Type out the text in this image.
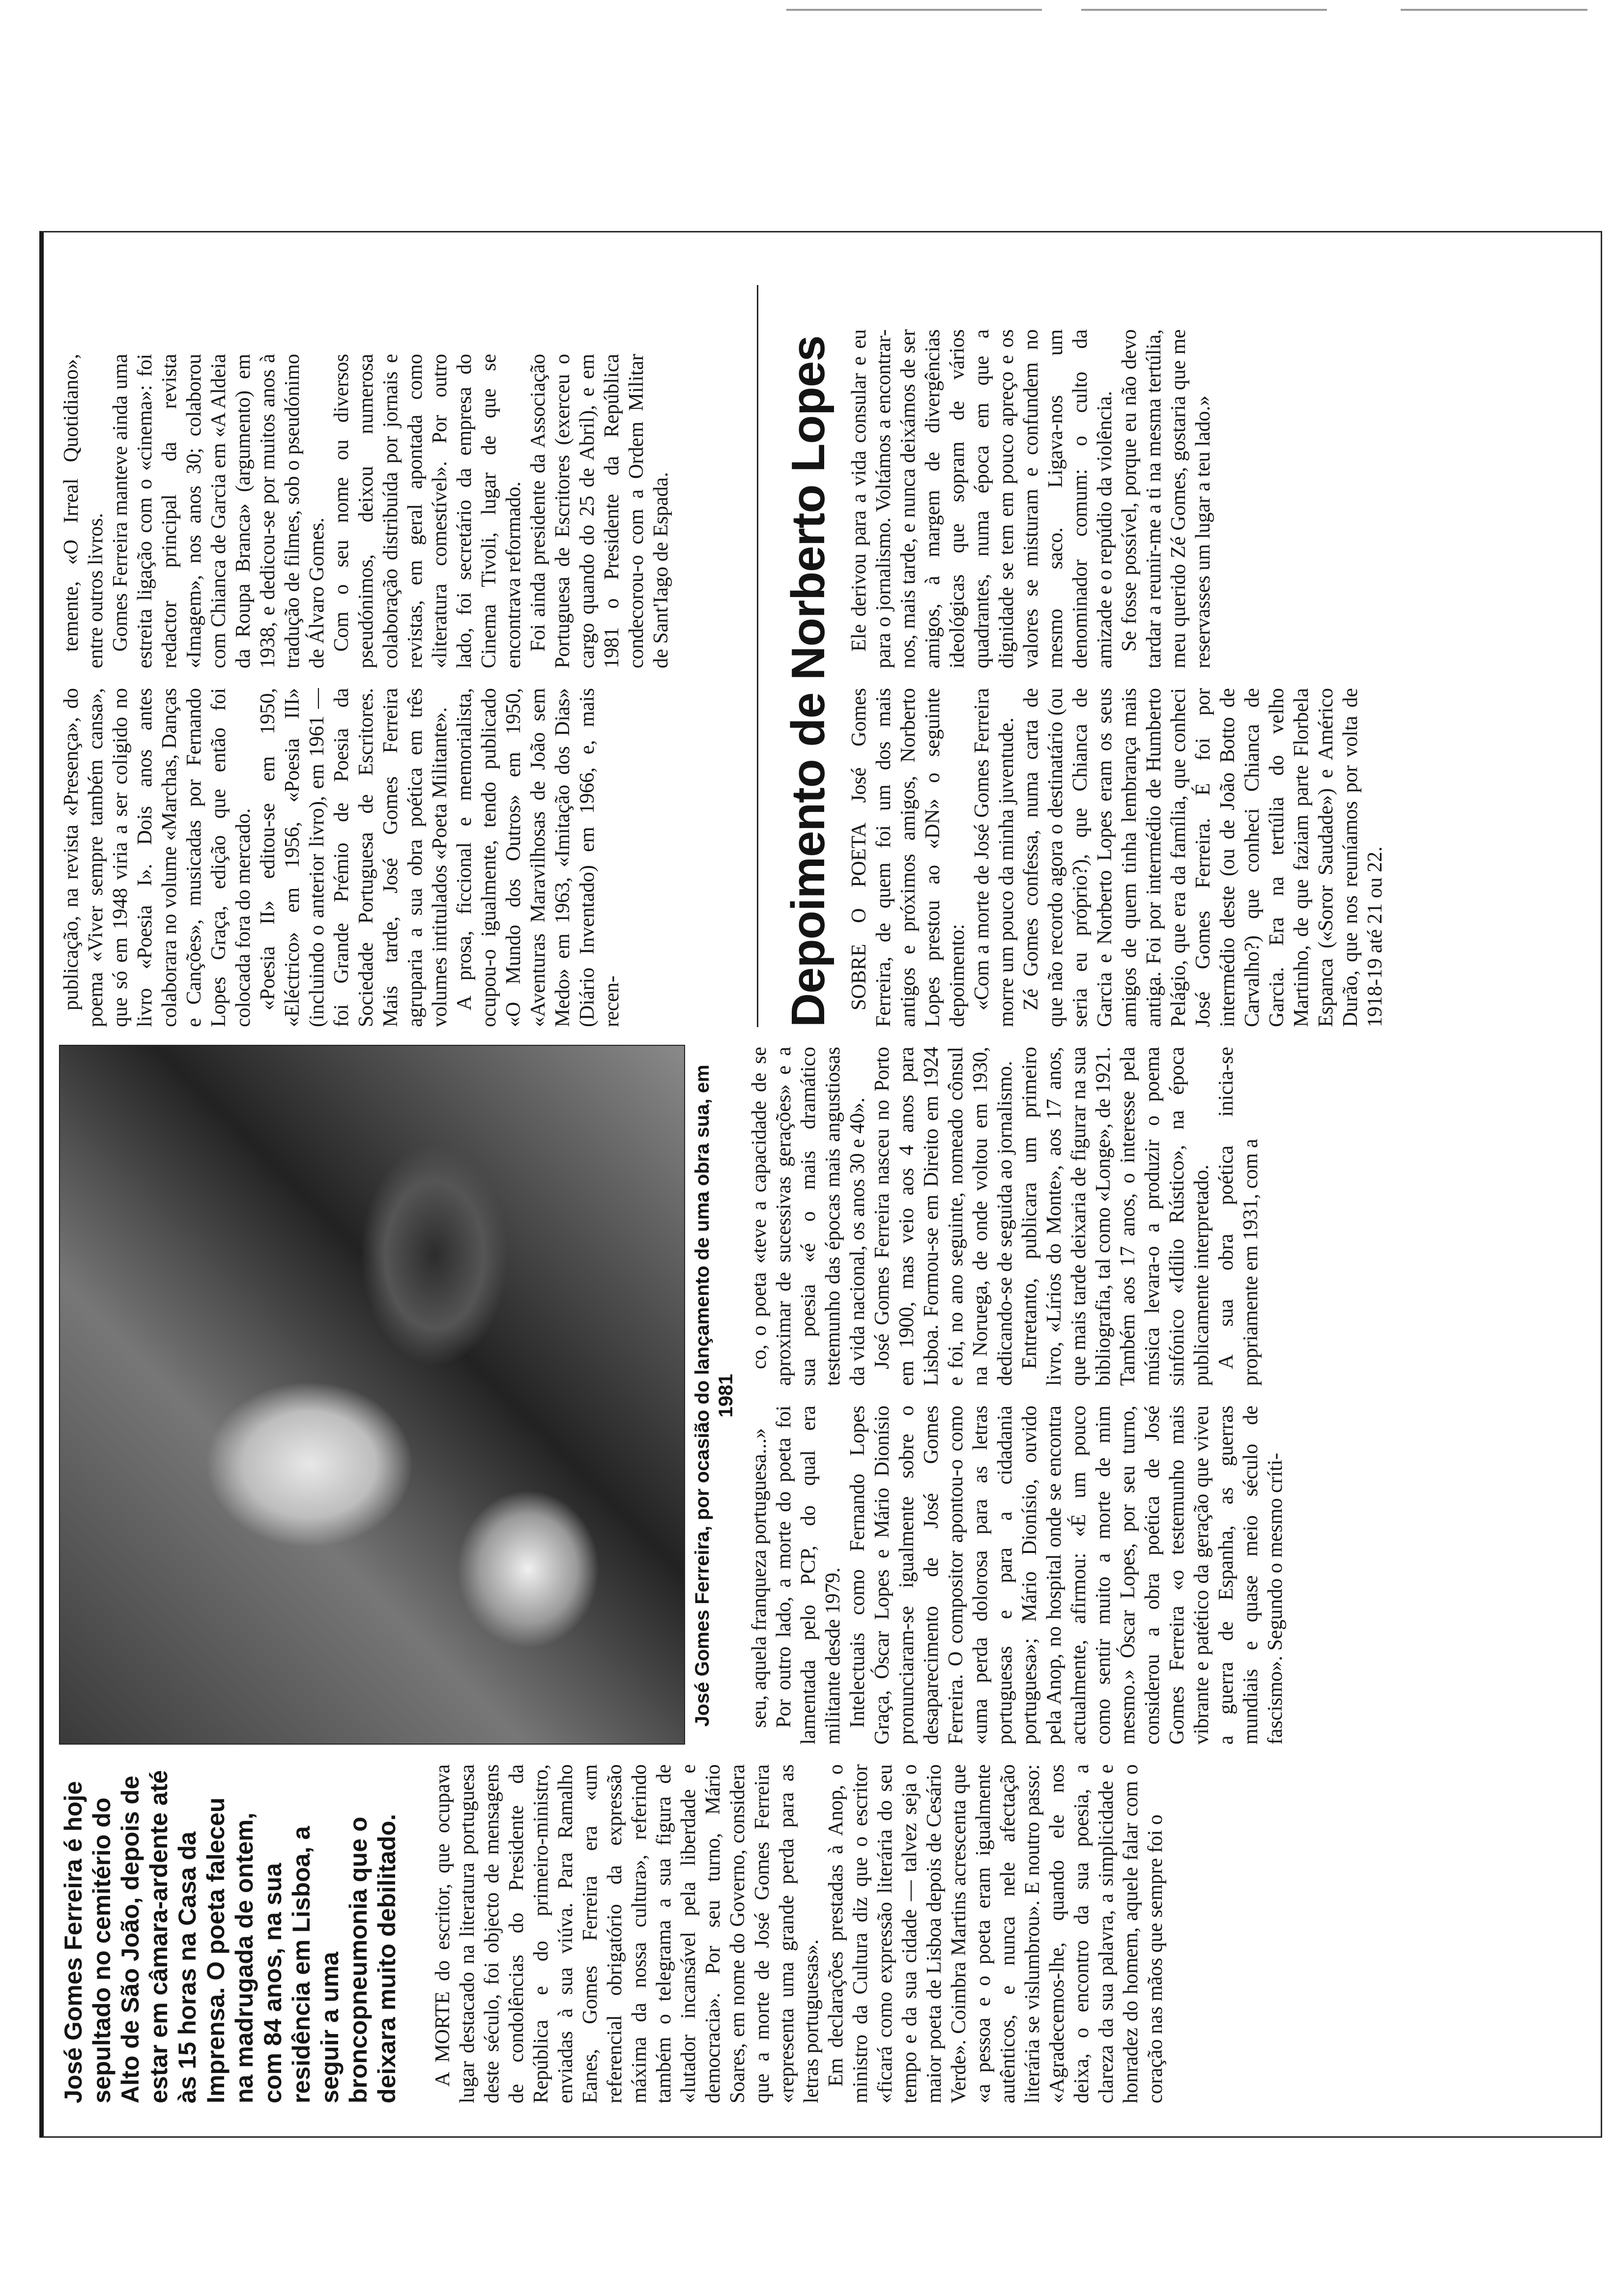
José Gomes Ferreira é hoje sepultado no cemitério do Alto de São João, depois de estar em câmara-ardente até às 15 horas na Casa da Imprensa. O poeta faleceu na madrugada de ontem, com 84 anos, na sua residência em Lisboa, a seguir a uma broncopneumonia que o deixara muito debilitado. A MORTE do escritor, que ocupava lugar destacado na literatura portuguesa deste século, foi objecto de mensagens de condolências do Presidente da República e do primeiro-ministro, enviadas à sua viúva. Para Ramalho Eanes, Gomes Ferreira era «um referencial obrigatório da expressão máxima da nossa cultura», referindo também o telegrama a sua figura de «lutador incansável pela liberdade e democracia». Por seu turno, Mário Soares, em nome do Governo, considera que a morte de José Gomes Ferreira «representa uma grande perda para as letras portuguesas». Em declarações prestadas à Anop, o ministro da Cultura diz que o escritor «ficará como expressão literária do seu tempo e da sua cidade — talvez seja o maior poeta de Lisboa depois de Cesário Verde». Coimbra Martins acrescenta que «a pessoa e o poeta eram igualmente autênticos, e nunca nele afectação literária se vislumbrou». E noutro passo: «Agradecemos-lhe, quando ele nos deixa, o encontro da sua poesia, a clareza da sua palavra, a simplicidade e honradez do homem, aquele falar com o coração nas mãos que sempre foi o

José Gomes Ferreira, por ocasião do lançamento de uma obra sua, em 1981

seu, aquela franqueza portuguesa...» Por outro lado, a morte do poeta foi lamentada pelo PCP, do qual era militante desde 1979. Intelectuais como Fernando Lopes Graça, Óscar Lopes e Mário Dionísio pronunciaram-se igualmente sobre o desaparecimento de José Gomes Ferreira. O compositor apontou-o como «uma perda dolorosa para as letras portuguesas e para a cidadania portuguesa»; Mário Dionísio, ouvido pela Anop, no hospital onde se encontra actualmente, afirmou: «É um pouco como sentir muito a morte de mim mesmo.» Óscar Lopes, por seu turno, considerou a obra poética de José Gomes Ferreira «o testemunho mais vibrante e patético da geração que viveu a guerra de Espanha, as guerras mundiais e quase meio século de fascismo». Segundo o mesmo críti-

co, o poeta «teve a capacidade de se aproximar de sucessivas gerações» e a sua poesia «é o mais dramático testemunho das épocas mais angustiosas da vida nacional, os anos 30 e 40». José Gomes Ferreira nasceu no Porto em 1900, mas veio aos 4 anos para Lisboa. Formou-se em Direito em 1924 e foi, no ano seguinte, nomeado cônsul na Noruega, de onde voltou em 1930, dedicando-se de seguida ao jornalismo. Entretanto, publicara um primeiro livro, «Lírios do Monte», aos 17 anos, que mais tarde deixaria de figurar na sua bibliografia, tal como «Longe», de 1921. Também aos 17 anos, o interesse pela música levara-o a produzir o poema sinfónico «Idílio Rústico», na época publicamente interpretado. A sua obra poética inicia-se propriamente em 1931, com a

publicação, na revista «Presença», do poema «Viver sempre também cansa», que só em 1948 viria a ser coligido no livro «Poesia I». Dois anos antes colaborara no volume «Marchas, Danças e Canções», musicadas por Fernando Lopes Graça, edição que então foi colocada fora do mercado. «Poesia II» editou-se em 1950, «Eléctrico» em 1956, «Poesia III» (incluindo o anterior livro), em 1961 — foi Grande Prémio de Poesia da Sociedade Portuguesa de Escritores. Mais tarde, José Gomes Ferreira agruparia a sua obra poética em três volumes intitulados «Poeta Militante». A prosa, ficcional e memorialista, ocupou-o igualmente, tendo publicado «O Mundo dos Outros» em 1950, «Aventuras Maravilhosas de João sem Medo» em 1963, «Imitação dos Dias» (Diário Inventado) em 1966, e, mais recen-

temente, «O Irreal Quotidiano», entre outros livros. Gomes Ferreira manteve ainda uma estreita ligação com o «cinema»: foi redactor principal da revista «Imagem», nos anos 30; colaborou com Chianca de Garcia em «A Aldeia da Roupa Branca» (argumento) em 1938, e dedicou-se por muitos anos à tradução de filmes, sob o pseudónimo de Álvaro Gomes. Com o seu nome ou diversos pseudónimos, deixou numerosa colaboração distribuída por jornais e revistas, em geral apontada como «literatura comestível». Por outro lado, foi secretário da empresa do Cinema Tivoli, lugar de que se encontrava reformado. Foi ainda presidente da Associação Portuguesa de Escritores (exerceu o cargo quando do 25 de Abril), e em 1981 o Presidente da República condecorou-o com a Ordem Militar de Sant'Iago de Espada. Depoimento de Norberto Lopes SOBRE O POETA José Gomes Ferreira, de quem foi um dos mais antigos e próximos amigos, Norberto Lopes prestou ao «DN» o seguinte depoimento: «Com a morte de José Gomes Ferreira morre um pouco da minha juventude. Zé Gomes confessa, numa carta de que não recordo agora o destinatário (ou seria eu próprio?), que Chianca de Garcia e Norberto Lopes eram os seus amigos de quem tinha lembrança mais antiga. Foi por intermédio de Humberto Pelágio, que era da família, que conheci José Gomes Ferreira. É foi por intermédio deste (ou de João Botto de Carvalho?) que conheci Chianca de Garcia. Era na tertúlia do velho Martinho, de que faziam parte Florbela Espanca («Soror Saudade») e Américo Durão, que nos reuníamos por volta de 1918-19 até 21 ou 22.

Ele derivou para a vida consular e eu para o jornalismo. Voltámos a encontrar-nos, mais tarde, e nunca deixámos de ser amigos, à margem de divergências ideológicas que sopram de vários quadrantes, numa época em que a dignidade se tem em pouco apreço e os valores se misturam e confundem no mesmo saco. Ligava-nos um denominador comum: o culto da amizade e o repúdio da violência. Se fosse possível, porque eu não devo tardar a reunir-me a ti na mesma tertúlia, meu querido Zé Gomes, gostaria que me reservasses um lugar a teu lado.»
